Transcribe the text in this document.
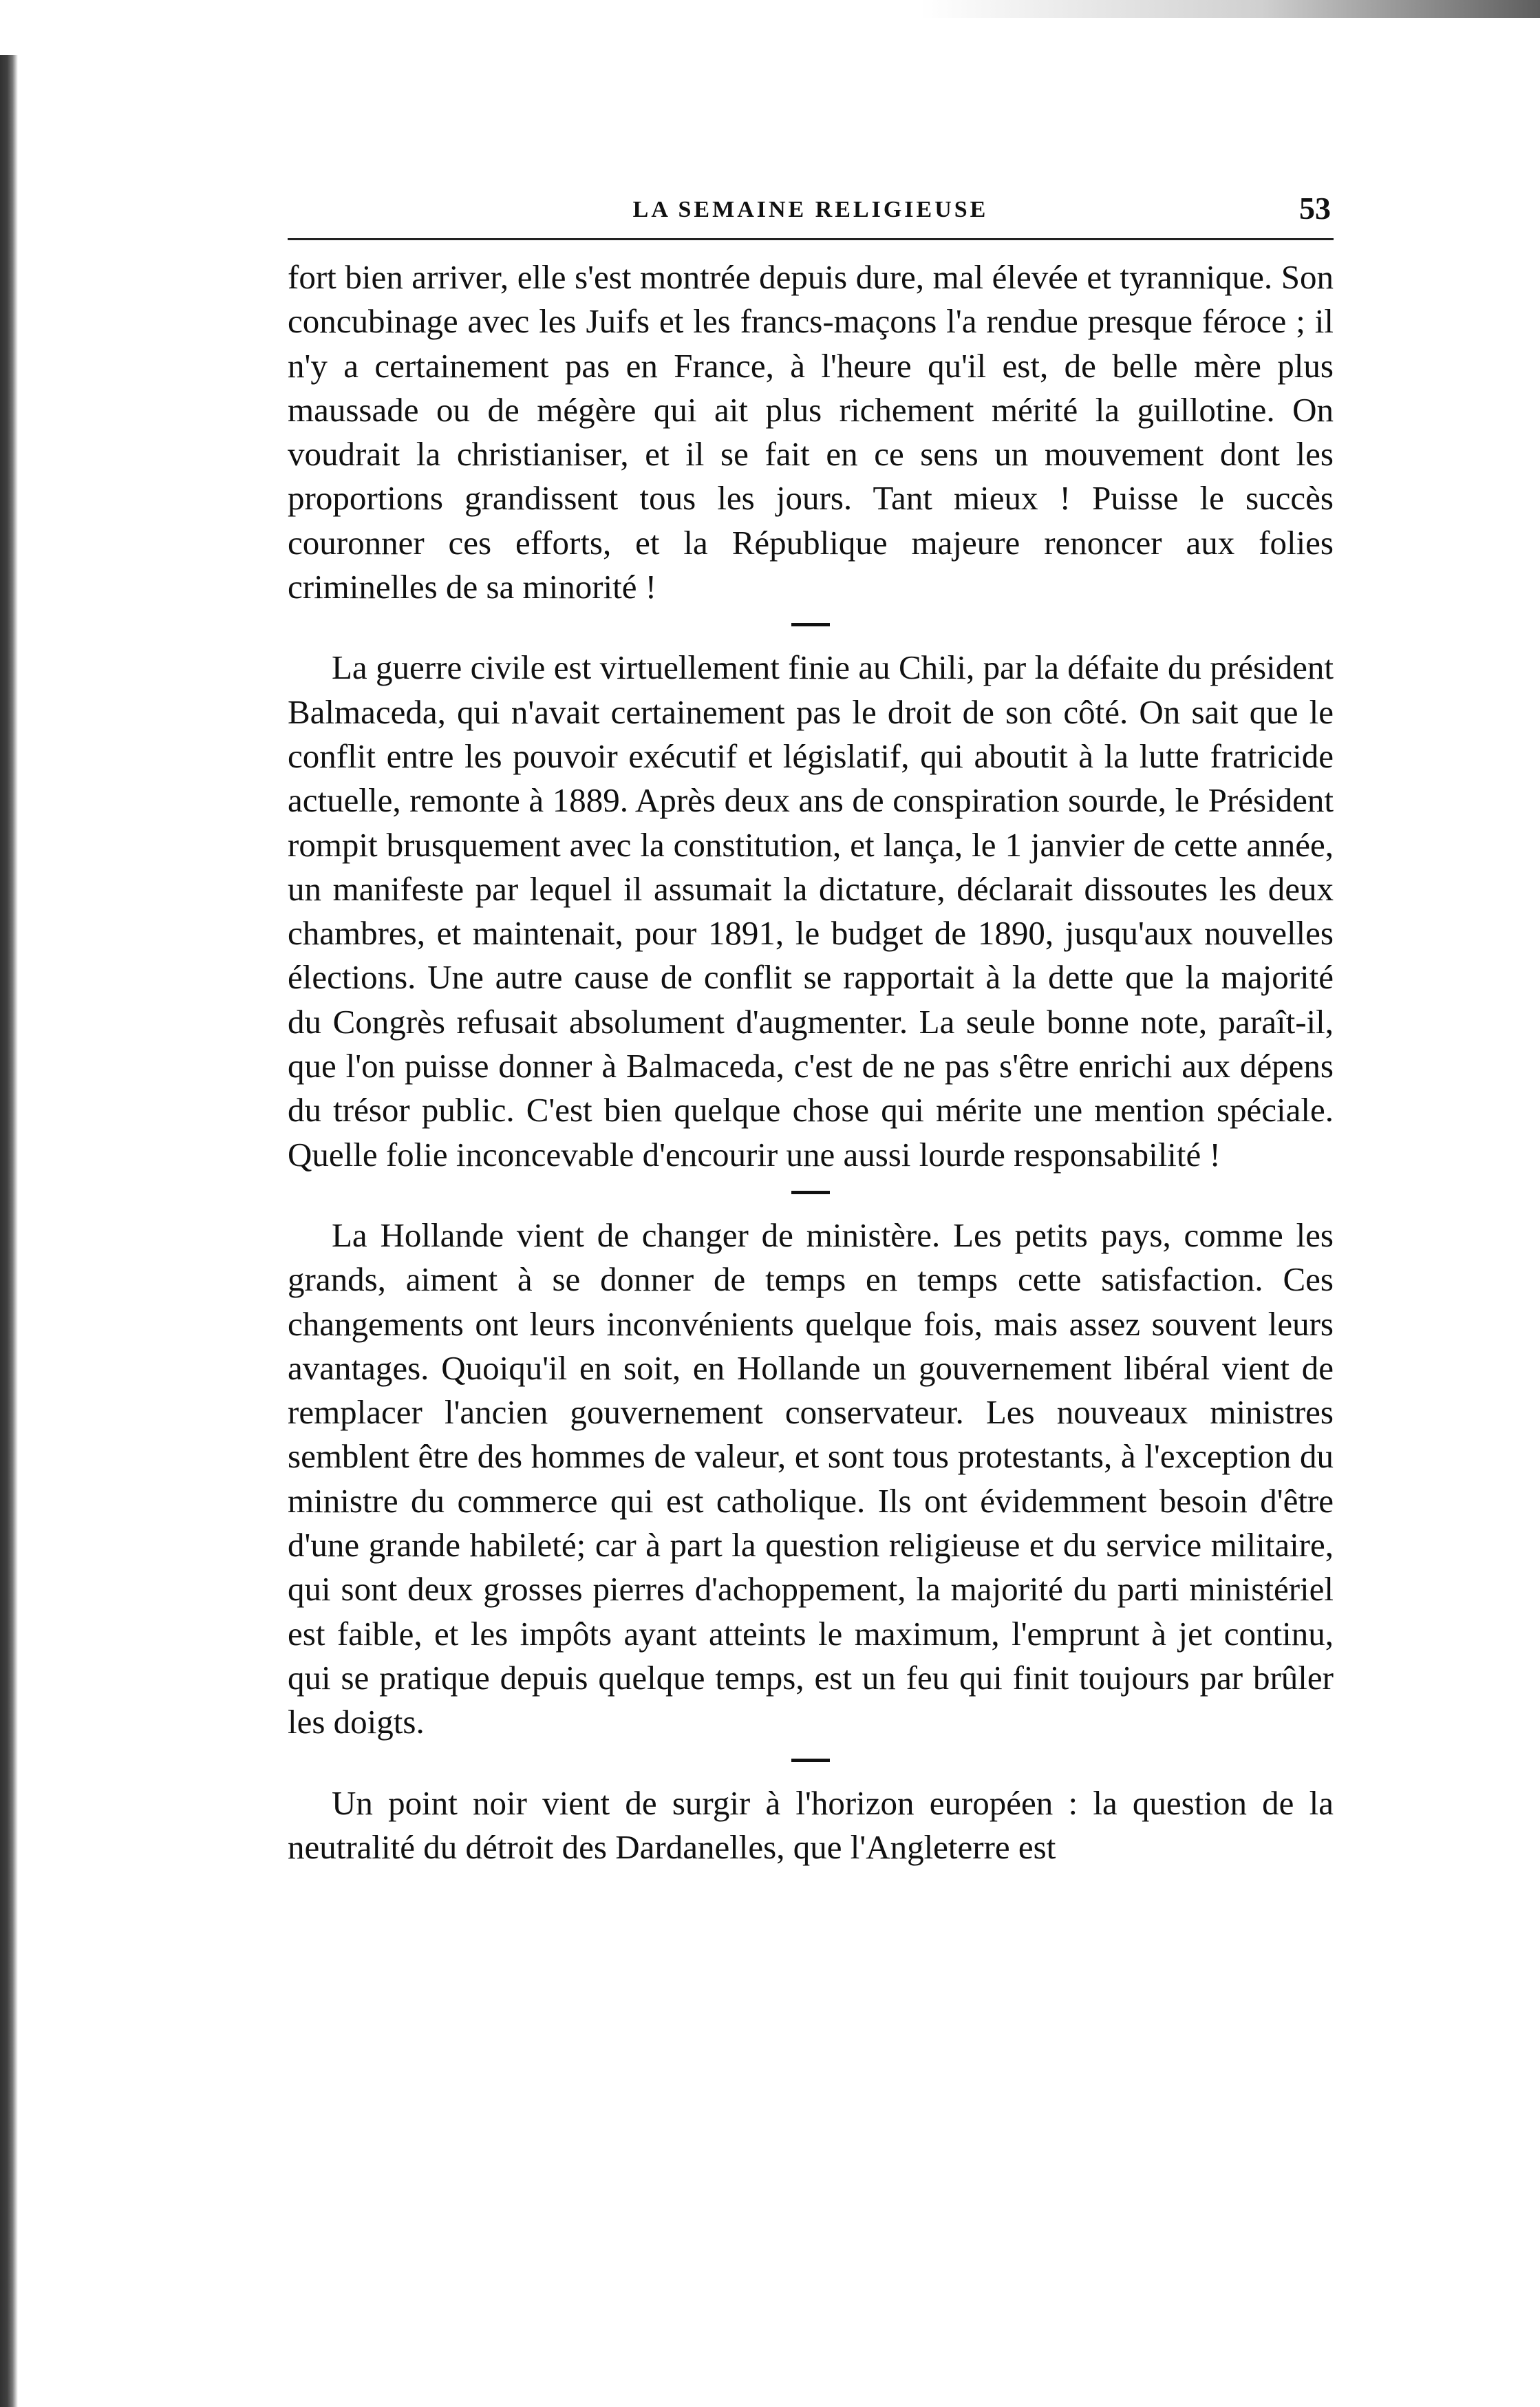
LA SEMAINE RELIGIEUSE	53

fort bien arriver, elle s'est montrée depuis dure, mal élevée et tyrannique. Son concubinage avec les Juifs et les francs-maçons l'a rendue presque féroce ; il n'y a certainement pas en France, à l'heure qu'il est, de belle mère plus maussade ou de mégère qui ait plus richement mérité la guillotine. On voudrait la christianiser, et il se fait en ce sens un mouvement dont les proportions grandissent tous les jours. Tant mieux ! Puisse le succès couronner ces efforts, et la République majeure renoncer aux folies criminelles de sa minorité !

La guerre civile est virtuellement finie au Chili, par la défaite du président Balmaceda, qui n'avait certainement pas le droit de son côté. On sait que le conflit entre les pouvoir exécutif et législatif, qui aboutit à la lutte fratricide actuelle, remonte à 1889. Après deux ans de conspiration sourde, le Président rompit brusquement avec la constitution, et lança, le 1 janvier de cette année, un manifeste par lequel il assumait la dictature, déclarait dissoutes les deux chambres, et maintenait, pour 1891, le budget de 1890, jusqu'aux nouvelles élections. Une autre cause de conflit se rapportait à la dette que la majorité du Congrès refusait absolument d'augmenter. La seule bonne note, paraît-il, que l'on puisse donner à Balmaceda, c'est de ne pas s'être enrichi aux dépens du trésor public. C'est bien quelque chose qui mérite une mention spéciale. Quelle folie inconcevable d'encourir une aussi lourde responsabilité !

La Hollande vient de changer de ministère. Les petits pays, comme les grands, aiment à se donner de temps en temps cette satisfaction. Ces changements ont leurs inconvénients quelque fois, mais assez souvent leurs avantages. Quoiqu'il en soit, en Hollande un gouvernement libéral vient de remplacer l'ancien gouvernement conservateur. Les nouveaux ministres semblent être des hommes de valeur, et sont tous protestants, à l'exception du ministre du commerce qui est catholique. Ils ont évidemment besoin d'être d'une grande habileté; car à part la question religieuse et du service militaire, qui sont deux grosses pierres d'achoppement, la majorité du parti ministériel est faible, et les impôts ayant atteints le maximum, l'emprunt à jet continu, qui se pratique depuis quelque temps, est un feu qui finit toujours par brûler les doigts.

Un point noir vient de surgir à l'horizon européen : la question de la neutralité du détroit des Dardanelles, que l'Angleterre est
